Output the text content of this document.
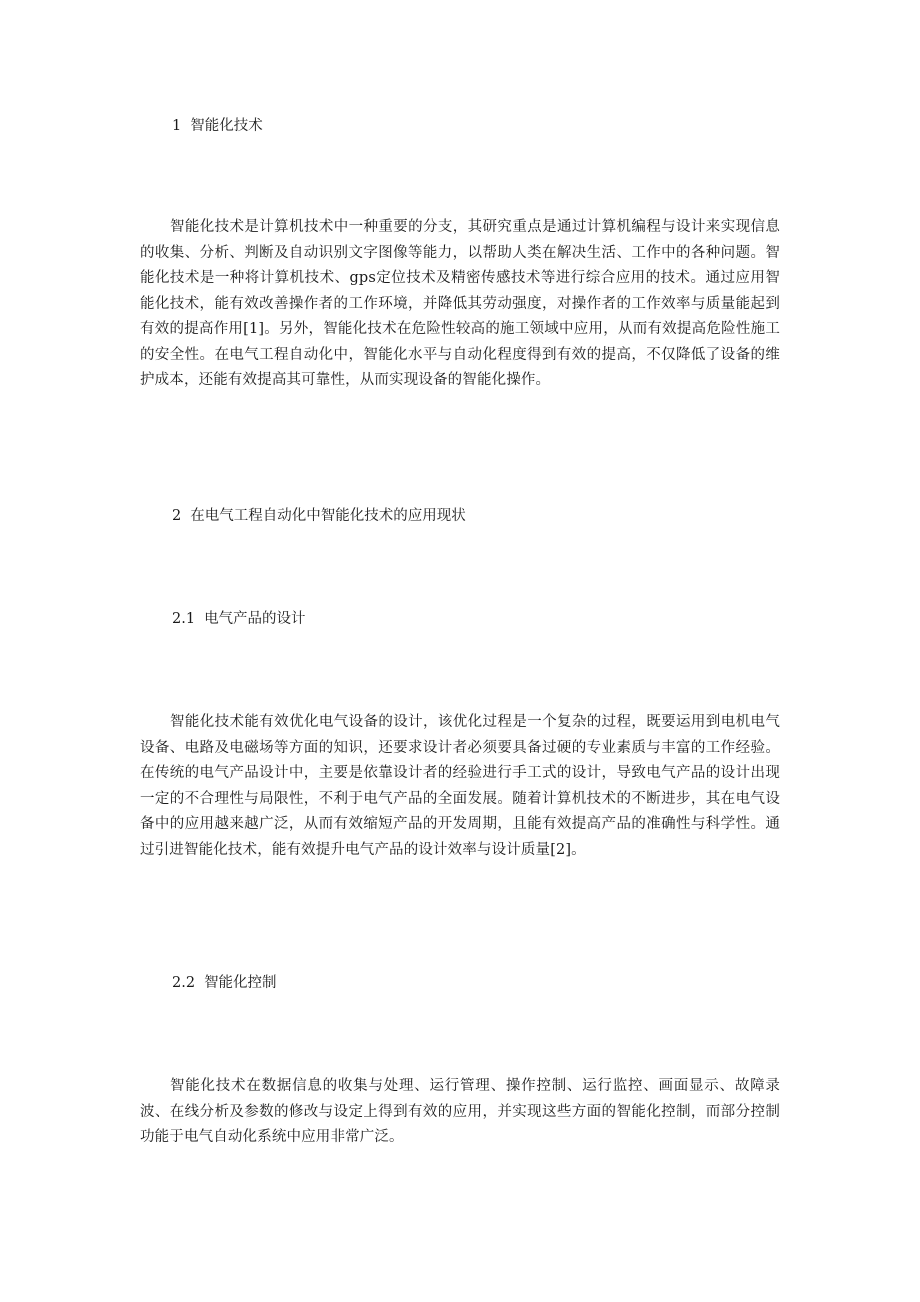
1 智能化技术

智能化技术是计算机技术中一种重要的分支，其研究重点是通过计算机编程与设计来实现信息的收集、分析、判断及自动识别文字图像等能力，以帮助人类在解决生活、工作中的各种问题。智能化技术是一种将计算机技术、gps定位技术及精密传感技术等进行综合应用的技术。通过应用智能化技术，能有效改善操作者的工作环境，并降低其劳动强度，对操作者的工作效率与质量能起到有效的提高作用[1]。另外，智能化技术在危险性较高的施工领域中应用，从而有效提高危险性施工的安全性。在电气工程自动化中，智能化水平与自动化程度得到有效的提高，不仅降低了设备的维护成本，还能有效提高其可靠性，从而实现设备的智能化操作。

2 在电气工程自动化中智能化技术的应用现状
2.1 电气产品的设计

智能化技术能有效优化电气设备的设计，该优化过程是一个复杂的过程，既要运用到电机电气设备、电路及电磁场等方面的知识，还要求设计者必须要具备过硬的专业素质与丰富的工作经验。在传统的电气产品设计中，主要是依靠设计者的经验进行手工式的设计，导致电气产品的设计出现一定的不合理性与局限性，不利于电气产品的全面发展。随着计算机技术的不断进步，其在电气设备中的应用越来越广泛，从而有效缩短产品的开发周期，且能有效提高产品的准确性与科学性。通过引进智能化技术，能有效提升电气产品的设计效率与设计质量[2]。

2.2 智能化控制

智能化技术在数据信息的收集与处理、运行管理、操作控制、运行监控、画面显示、故障录波、在线分析及参数的修改与设定上得到有效的应用，并实现这些方面的智能化控制，而部分控制功能于电气自动化系统中应用非常广泛。
